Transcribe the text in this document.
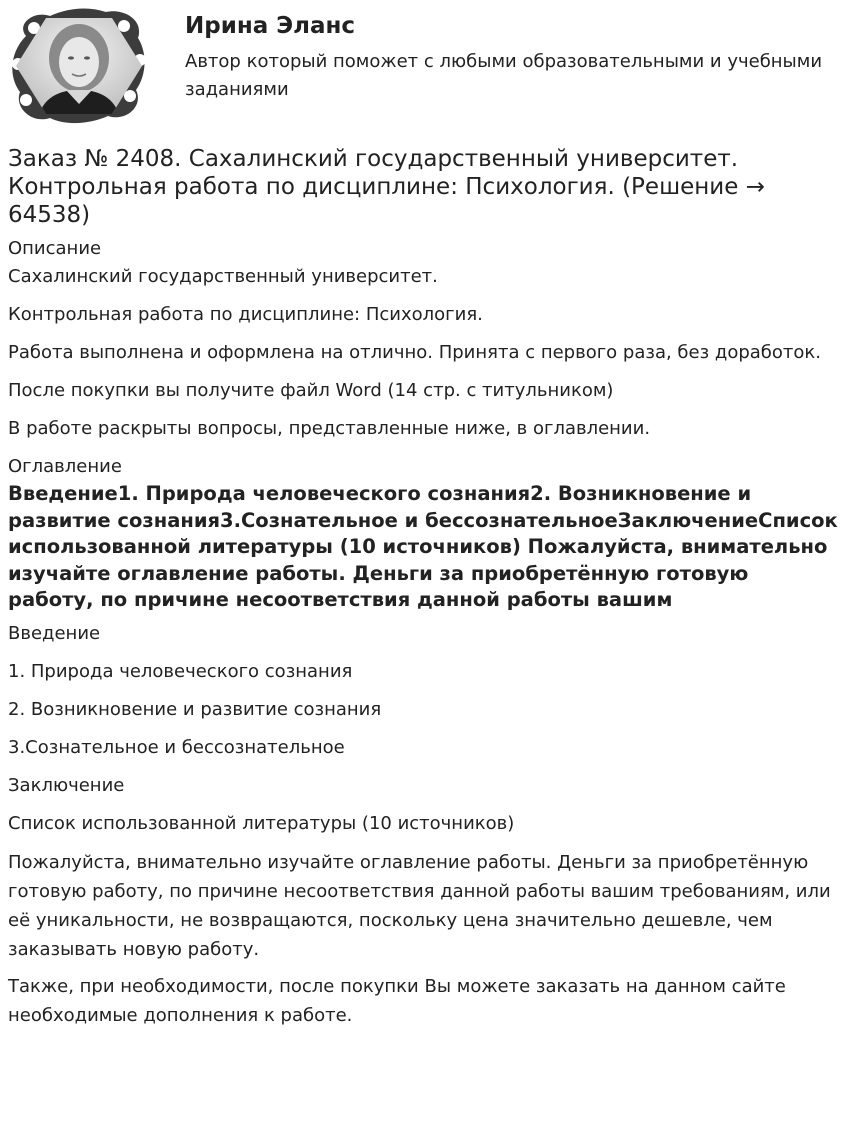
Ирина Эланс
Автор который поможет с любыми образовательными и учебными заданиями
Заказ № 2408. Сахалинский государственный университет. Контрольная работа по дисциплине: Психология. (Решение → 64538)
Описание

Сахалинский государственный университет.

Контрольная работа по дисциплине: Психология.

Работа выполнена и оформлена на отлично. Принята с первого раза, без доработок.

После покупки вы получите файл Word (14 стр. с титульником)

В работе раскрыты вопросы, представленные ниже, в оглавлении.

Оглавление
Введение1. Природа человеческого сознания2. Возникновение и развитие сознания3.Сознательное и бессознательноеЗаключениеСписок использованной литературы (10 источников) Пожалуйста, внимательно изучайте оглавление работы. Деньги за приобретённую готовую работу, по причине несоответствия данной работы вашим

Введение

1. Природа человеческого сознания

2. Возникновение и развитие сознания

3.Сознательное и бессознательное

Заключение

Список использованной литературы (10 источников)

Пожалуйста, внимательно изучайте оглавление работы. Деньги за приобретённую готовую работу, по причине несоответствия данной работы вашим требованиям, или её уникальности, не возвращаются, поскольку цена значительно дешевле, чем заказывать новую работу.

Также, при необходимости, после покупки Вы можете заказать на данном сайте необходимые дополнения к работе.
